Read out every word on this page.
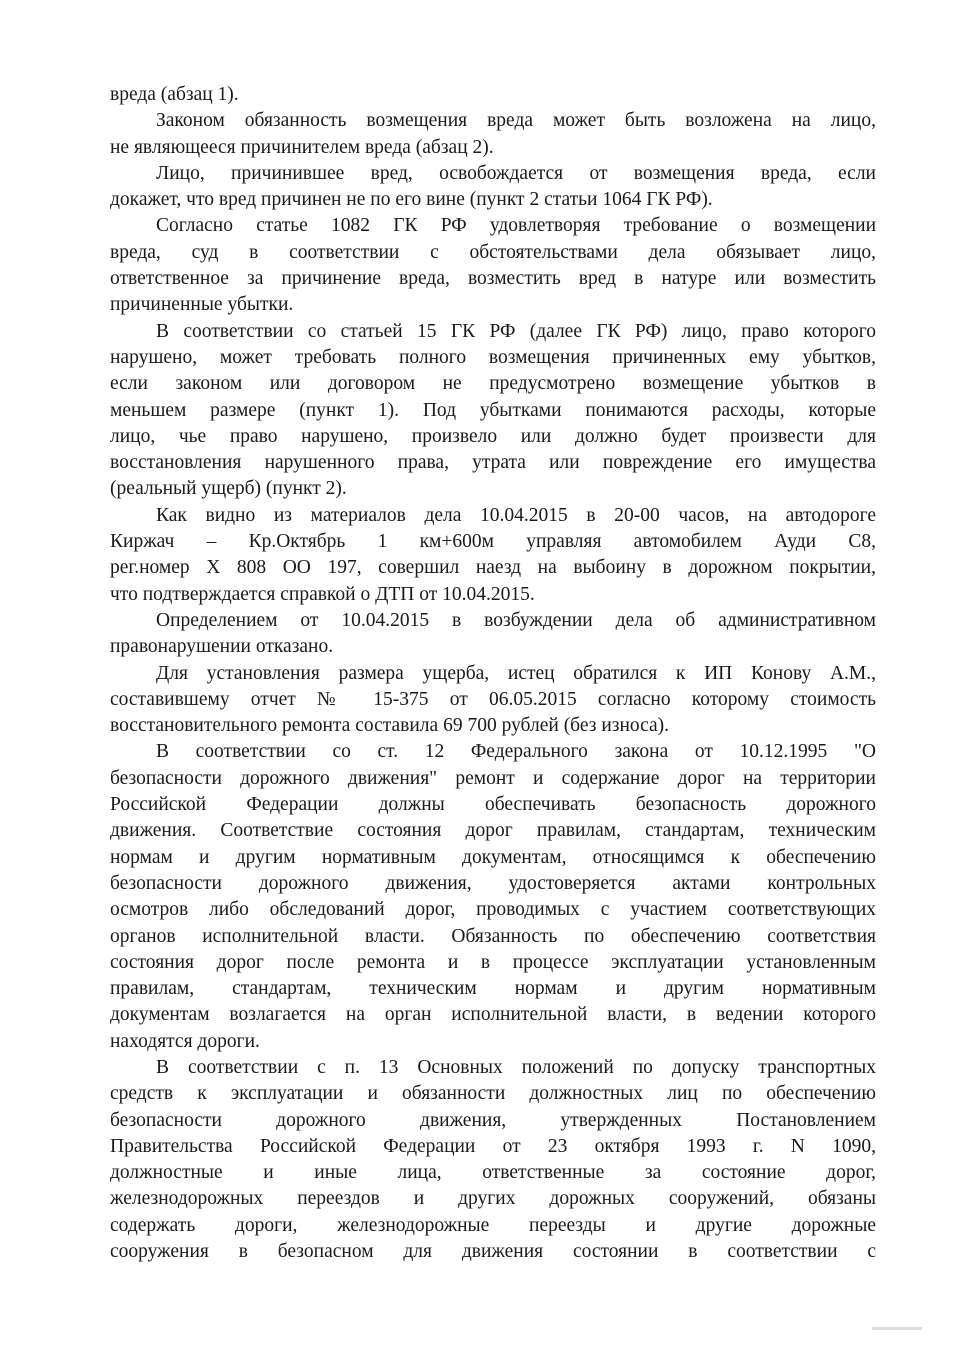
вреда (абзац 1).
Законом обязанность возмещения вреда может быть возложена на лицо,
не являющееся причинителем вреда (абзац 2).
Лицо, причинившее вред, освобождается от возмещения вреда, если
докажет, что вред причинен не по его вине (пункт 2 статьи 1064 ГК РФ).
Согласно статье 1082 ГК РФ удовлетворяя требование о возмещении
вреда, суд в соответствии с обстоятельствами дела обязывает лицо,
ответственное за причинение вреда, возместить вред в натуре или возместить
причиненные убытки.
В соответствии со статьей 15 ГК РФ (далее ГК РФ) лицо, право которого
нарушено, может требовать полного возмещения причиненных ему убытков,
если законом или договором не предусмотрено возмещение убытков в
меньшем размере (пункт 1). Под убытками понимаются расходы, которые
лицо, чье право нарушено, произвело или должно будет произвести для
восстановления нарушенного права, утрата или повреждение его имущества
(реальный ущерб) (пункт 2).
Как видно из материалов дела 10.04.2015 в 20-00 часов, на автодороге
Киржач – Кр.Октябрь 1 км+600м управляя автомобилем Ауди С8,
рег.номер Х 808 ОО 197, совершил наезд на выбоину в дорожном покрытии,
что подтверждается справкой о ДТП от 10.04.2015.
Определением от 10.04.2015 в возбуждении дела об административном
правонарушении отказано.
Для установления размера ущерба, истец обратился к ИП Конову А.М.,
составившему отчет № 15-375 от 06.05.2015 согласно которому стоимость
восстановительного ремонта составила 69 700 рублей (без износа).
В соответствии со ст. 12 Федерального закона от 10.12.1995 "О
безопасности дорожного движения" ремонт и содержание дорог на территории
Российской Федерации должны обеспечивать безопасность дорожного
движения. Соответствие состояния дорог правилам, стандартам, техническим
нормам и другим нормативным документам, относящимся к обеспечению
безопасности дорожного движения, удостоверяется актами контрольных
осмотров либо обследований дорог, проводимых с участием соответствующих
органов исполнительной власти. Обязанность по обеспечению соответствия
состояния дорог после ремонта и в процессе эксплуатации установленным
правилам, стандартам, техническим нормам и другим нормативным
документам возлагается на орган исполнительной власти, в ведении которого
находятся дороги.
В соответствии с п. 13 Основных положений по допуску транспортных
средств к эксплуатации и обязанности должностных лиц по обеспечению
безопасности дорожного движения, утвержденных Постановлением
Правительства Российской Федерации от 23 октября 1993 г. N 1090,
должностные и иные лица, ответственные за состояние дорог,
железнодорожных переездов и других дорожных сооружений, обязаны
содержать дороги, железнодорожные переезды и другие дорожные
сооружения в безопасном для движения состоянии в соответствии с
